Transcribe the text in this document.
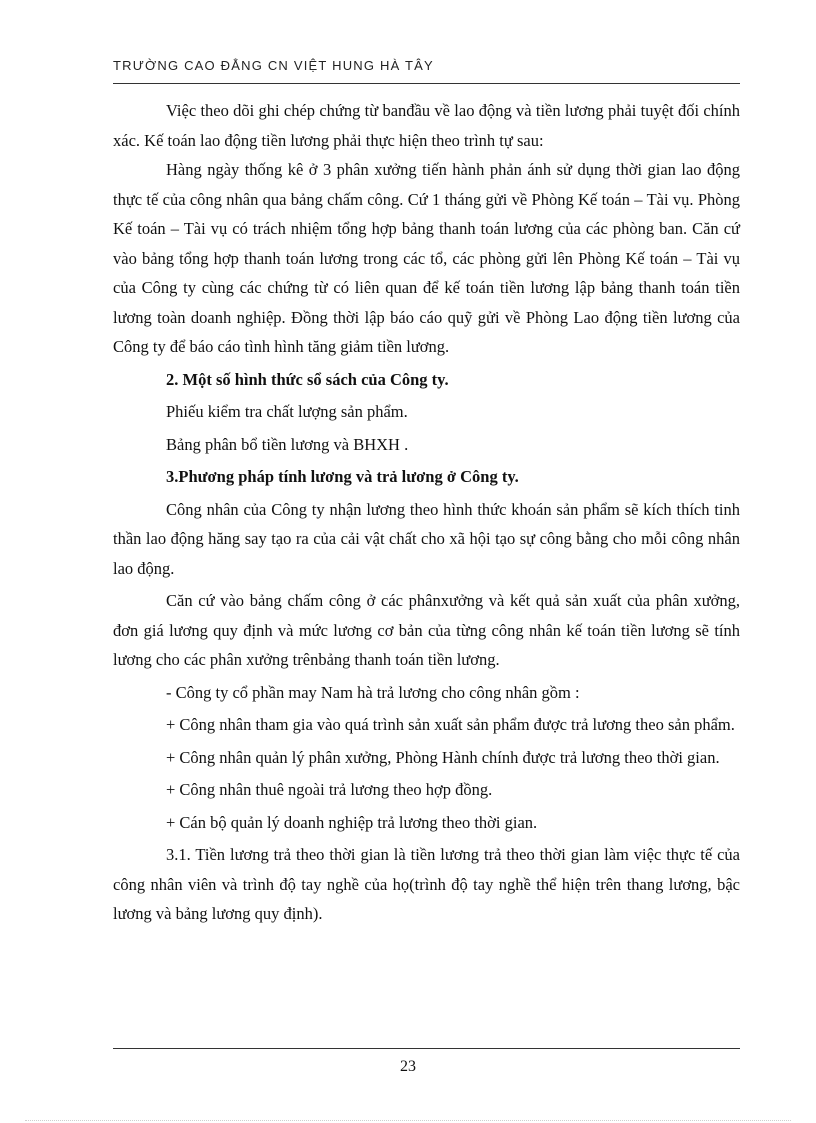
TRƯỜNG CAO ĐẲNG CN VIỆT HUNG HÀ TÂY

Việc theo dõi ghi chép chứng từ banđầu về lao động và tiền lương phải tuyệt đối chính xác. Kế toán lao động tiền lương phải thực hiện theo trình tự sau:

Hàng ngày thống kê ở 3 phân xưởng tiến hành phản ánh sử dụng thời gian lao động thực tế của công nhân qua bảng chấm công. Cứ 1 tháng gửi về Phòng Kế toán – Tài vụ. Phòng Kế toán – Tài vụ có trách nhiệm tổng hợp bảng thanh toán lương của các phòng ban. Căn cứ vào bảng tổng hợp thanh toán lương trong các tổ, các phòng gửi lên Phòng Kế toán – Tài vụ của Công ty cùng các chứng từ có liên quan để kế toán tiền lương lập bảng thanh toán tiền lương toàn doanh nghiệp. Đồng thời lập báo cáo quỹ gửi về Phòng Lao động tiền lương của Công ty để báo cáo tình hình tăng giảm tiền lương.

2. Một số hình thức sổ sách của Công ty.

Phiếu kiểm tra chất lượng sản phẩm.

Bảng phân bổ tiền lương và BHXH .

3.Phương pháp tính lương và trả lương ở Công ty.

Công nhân của Công ty nhận lương theo hình thức khoán sản phẩm sẽ kích thích tinh thần lao động hăng say tạo ra của cải vật chất cho xã hội tạo sự công bằng cho mỗi công nhân lao động.

Căn cứ vào bảng chấm công ở các phânxưởng và kết quả sản xuất của phân xưởng, đơn giá lương quy định và mức lương cơ bản của từng công nhân kế toán tiền lương sẽ tính lương cho các phân xưởng trênbảng thanh toán tiền lương.

- Công ty cổ phần may Nam hà trả lương cho công nhân gồm :

+ Công nhân tham gia vào quá trình sản xuất sản phẩm được trả lương theo sản phẩm.

+ Công nhân quản lý phân xưởng, Phòng Hành chính được trả lương theo thời gian.

+ Công nhân thuê ngoài trả lương theo hợp đồng.

+ Cán bộ quản lý doanh nghiệp trả lương theo thời gian.

3.1. Tiền lương trả theo thời gian là tiền lương trả theo thời gian làm việc thực tế của công nhân viên và trình độ tay nghề của họ(trình độ tay nghề thể hiện trên thang lương, bậc lương và bảng lương quy định).

23
